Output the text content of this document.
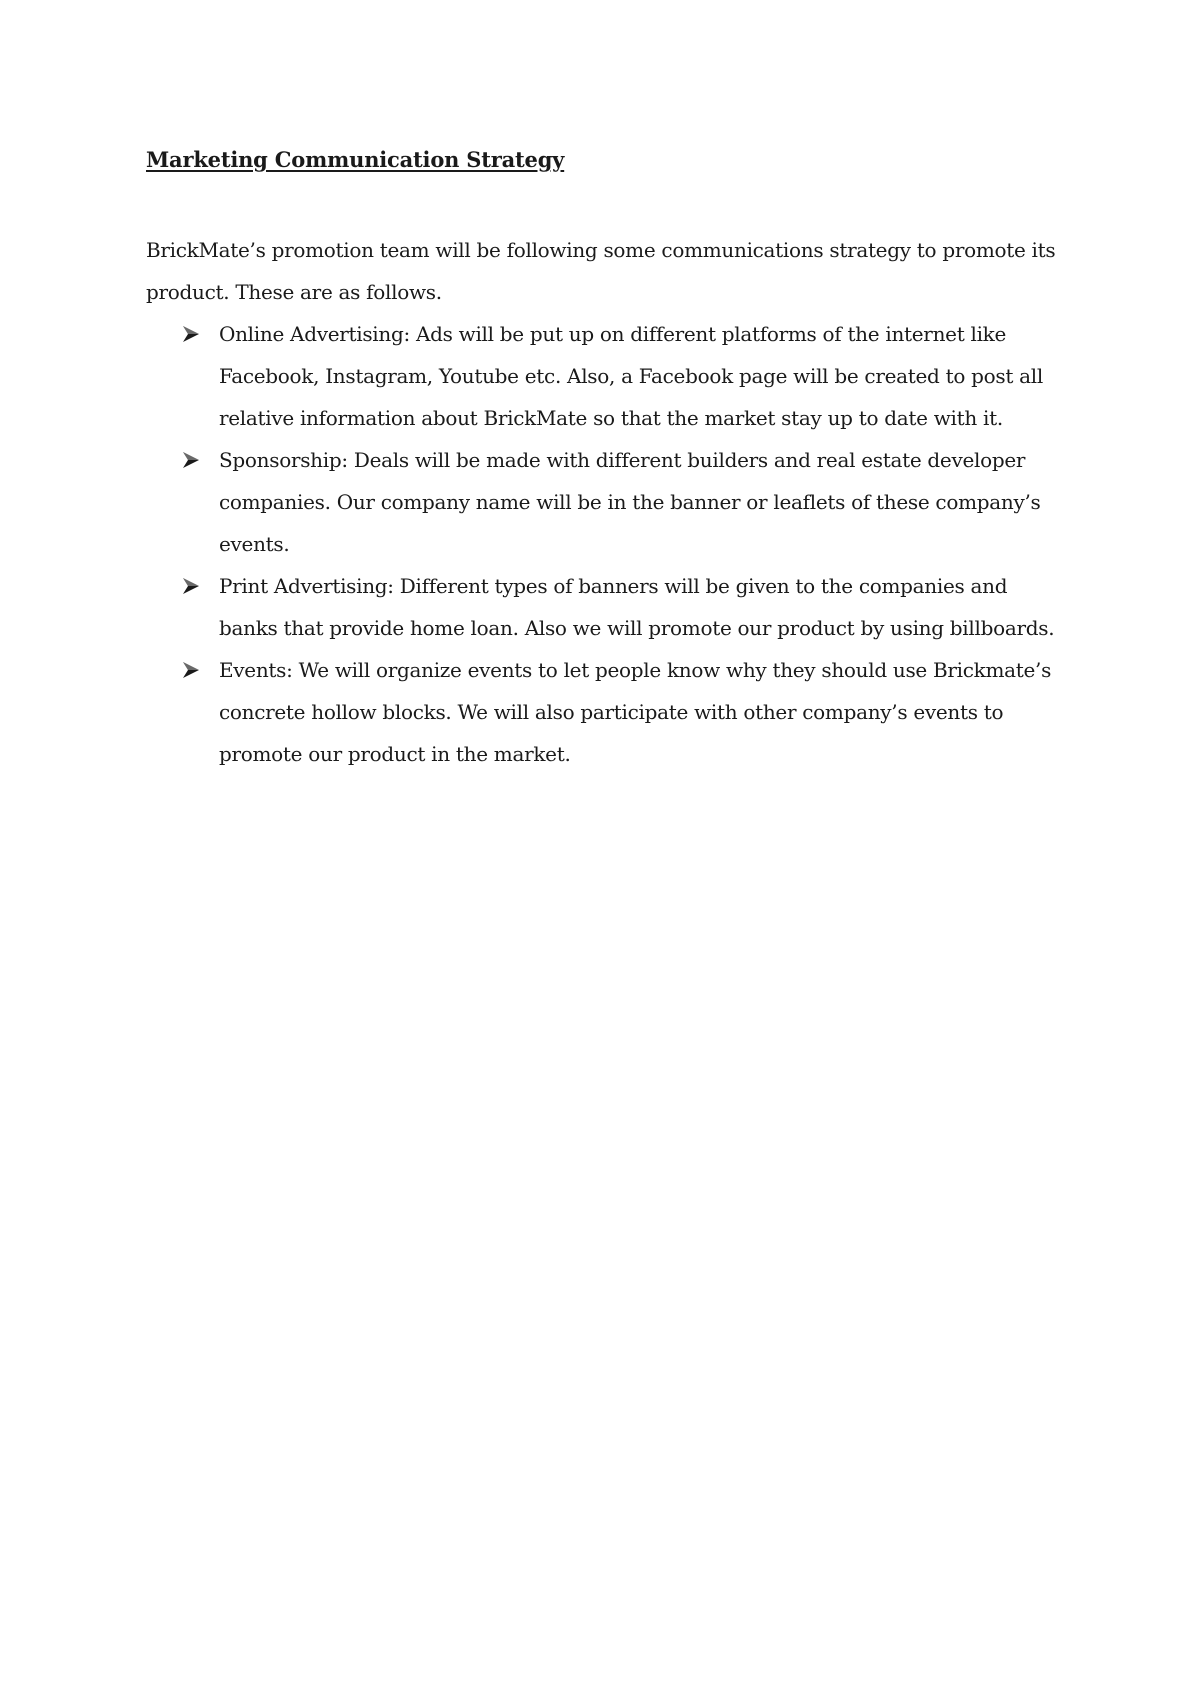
Marketing Communication Strategy

BrickMate’s promotion team will be following some communications strategy to promote its product. These are as follows.

Online Advertising: Ads will be put up on different platforms of the internet like Facebook, Instagram, Youtube etc. Also, a Facebook page will be created to post all relative information about BrickMate so that the market stay up to date with it.
Sponsorship: Deals will be made with different builders and real estate developer companies. Our company name will be in the banner or leaflets of these company’s events.
Print Advertising: Different types of banners will be given to the companies and banks that provide home loan. Also we will promote our product by using billboards.
Events: We will organize events to let people know why they should use Brickmate’s concrete hollow blocks. We will also participate with other company’s events to promote our product in the market.
